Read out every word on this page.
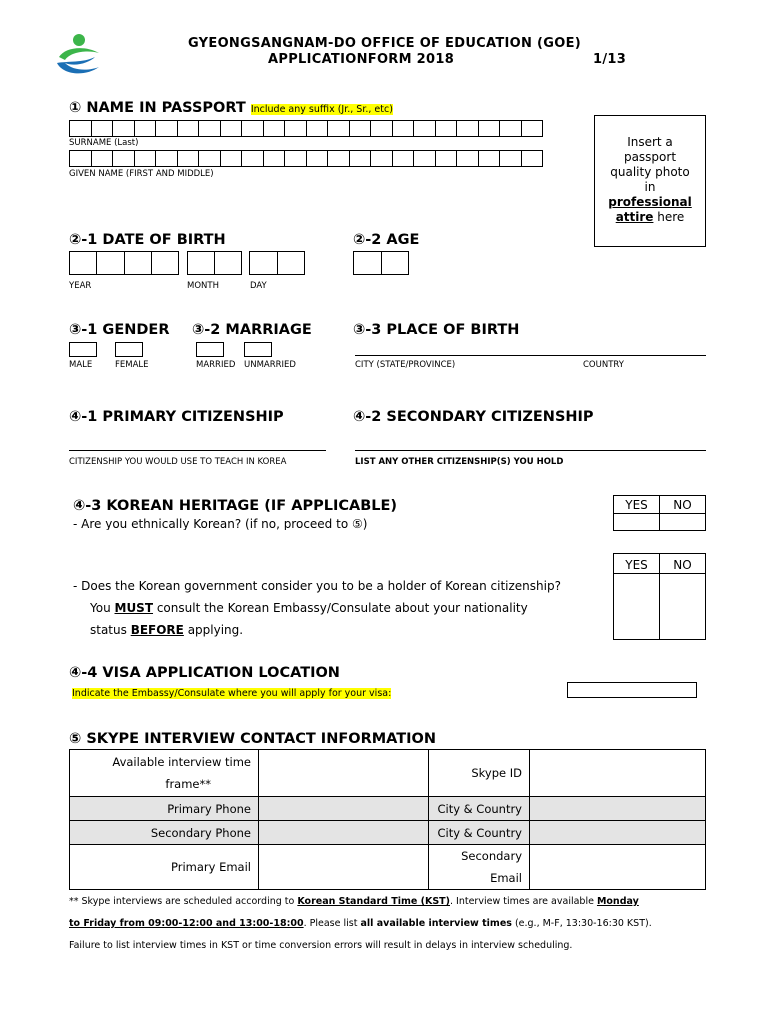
GYEONGSANGNAM-DO OFFICE OF EDUCATION (GOE)
APPLICATIONFORM 2018	1/13
① NAME IN PASSPORT Include any suffix (Jr., Sr., etc)
SURNAME (Last)
GIVEN NAME (FIRST AND MIDDLE)
Insert a
passport
quality photo
in
professional
attire here
②-1 DATE OF BIRTH	②-2 AGE
YEAR	MONTH	DAY
③-1 GENDER ③-2 MARRIAGE	③-3 PLACE OF BIRTH
MALE	FEMALE	MARRIED UNMARRIED	CITY (STATE/PROVINCE)	COUNTRY
④-1 PRIMARY CITIZENSHIP	④-2 SECONDARY CITIZENSHIP
CITIZENSHIP YOU WOULD USE TO TEACH IN KOREA	LIST ANY OTHER CITIZENSHIP(S) YOU HOLD
④-3 KOREAN HERITAGE (IF APPLICABLE)
- Are you ethnically Korean? (if no, proceed to ⑤)
YES	NO
- Does the Korean government consider you to be a holder of Korean citizenship?
You MUST consult the Korean Embassy/Consulate about your nationality
status BEFORE applying.
YES	NO
④-4 VISA APPLICATION LOCATION
Indicate the Embassy/Consulate where you will apply for your visa:
⑤ SKYPE INTERVIEW CONTACT INFORMATION
Available interview time
frame**		Skype ID	
Primary Phone		City & Country	
Secondary Phone		City & Country	
Primary Email		Secondary
Email	

** Skype interviews are scheduled according to Korean Standard Time (KST). Interview times are available Monday
to Friday from 09:00-12:00 and 13:00-18:00. Please list all available interview times (e.g., M-F, 13:30-16:30 KST).
Failure to list interview times in KST or time conversion errors will result in delays in interview scheduling.
